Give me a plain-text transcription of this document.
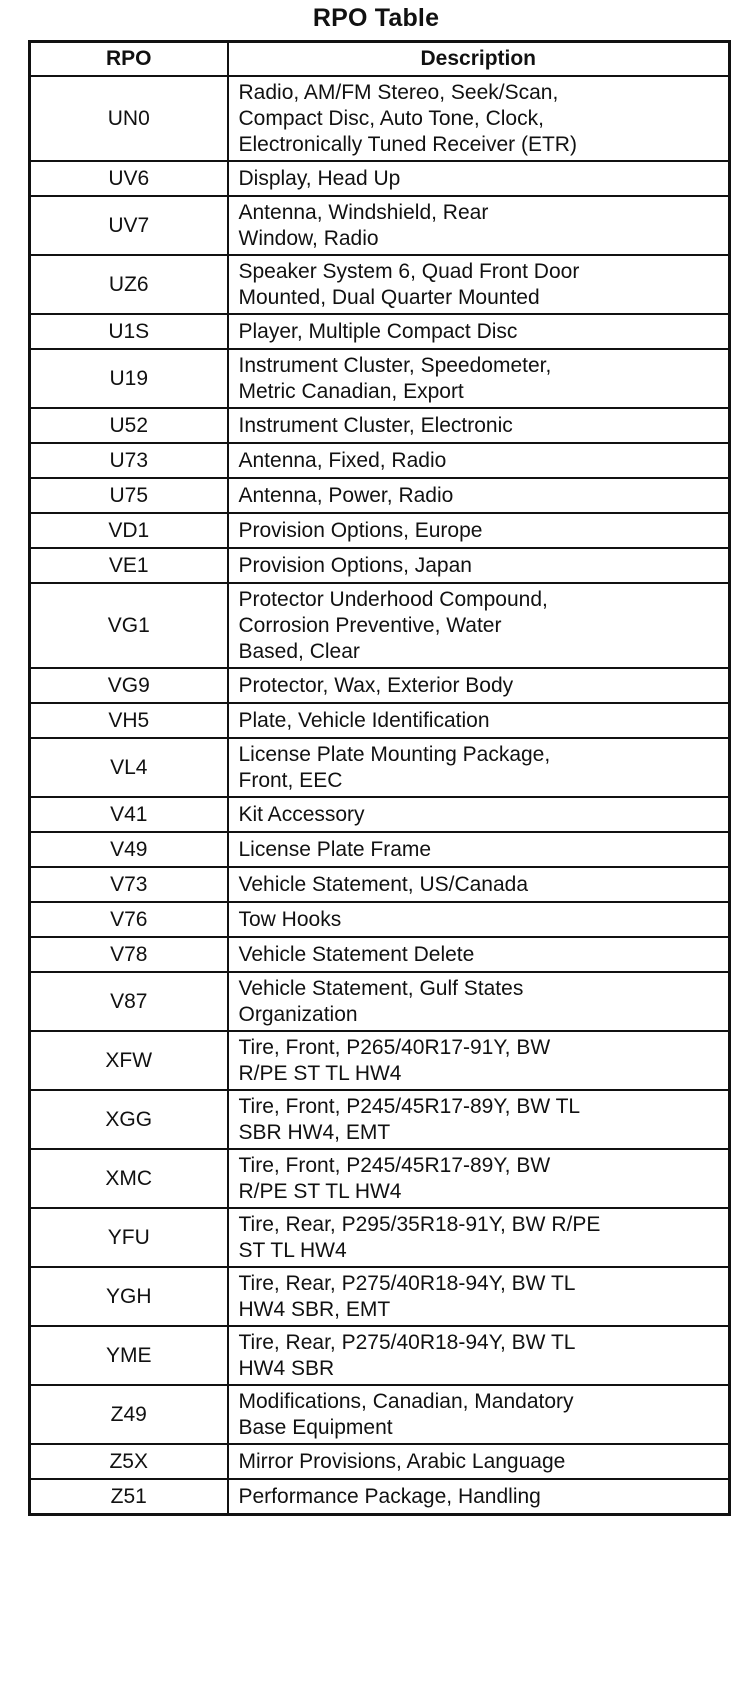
RPO Table
RPO	Description
UN0	Radio, AM/FM Stereo, Seek/Scan,
Compact Disc, Auto Tone, Clock,
Electronically Tuned Receiver (ETR)
UV6	Display, Head Up
UV7	Antenna, Windshield, Rear
Window, Radio
UZ6	Speaker System 6, Quad Front Door
Mounted, Dual Quarter Mounted
U1S	Player, Multiple Compact Disc
U19	Instrument Cluster, Speedometer,
Metric Canadian, Export
U52	Instrument Cluster, Electronic
U73	Antenna, Fixed, Radio
U75	Antenna, Power, Radio
VD1	Provision Options, Europe
VE1	Provision Options, Japan
VG1	Protector Underhood Compound,
Corrosion Preventive, Water
Based, Clear
VG9	Protector, Wax, Exterior Body
VH5	Plate, Vehicle Identification
VL4	License Plate Mounting Package,
Front, EEC
V41	Kit Accessory
V49	License Plate Frame
V73	Vehicle Statement, US/Canada
V76	Tow Hooks
V78	Vehicle Statement Delete
V87	Vehicle Statement, Gulf States
Organization
XFW	Tire, Front, P265/40R17-91Y, BW
R/PE ST TL HW4
XGG	Tire, Front, P245/45R17-89Y, BW TL
SBR HW4, EMT
XMC	Tire, Front, P245/45R17-89Y, BW
R/PE ST TL HW4
YFU	Tire, Rear, P295/35R18-91Y, BW R/PE
ST TL HW4
YGH	Tire, Rear, P275/40R18-94Y, BW TL
HW4 SBR, EMT
YME	Tire, Rear, P275/40R18-94Y, BW TL
HW4 SBR
Z49	Modifications, Canadian, Mandatory
Base Equipment
Z5X	Mirror Provisions, Arabic Language
Z51	Performance Package, Handling
